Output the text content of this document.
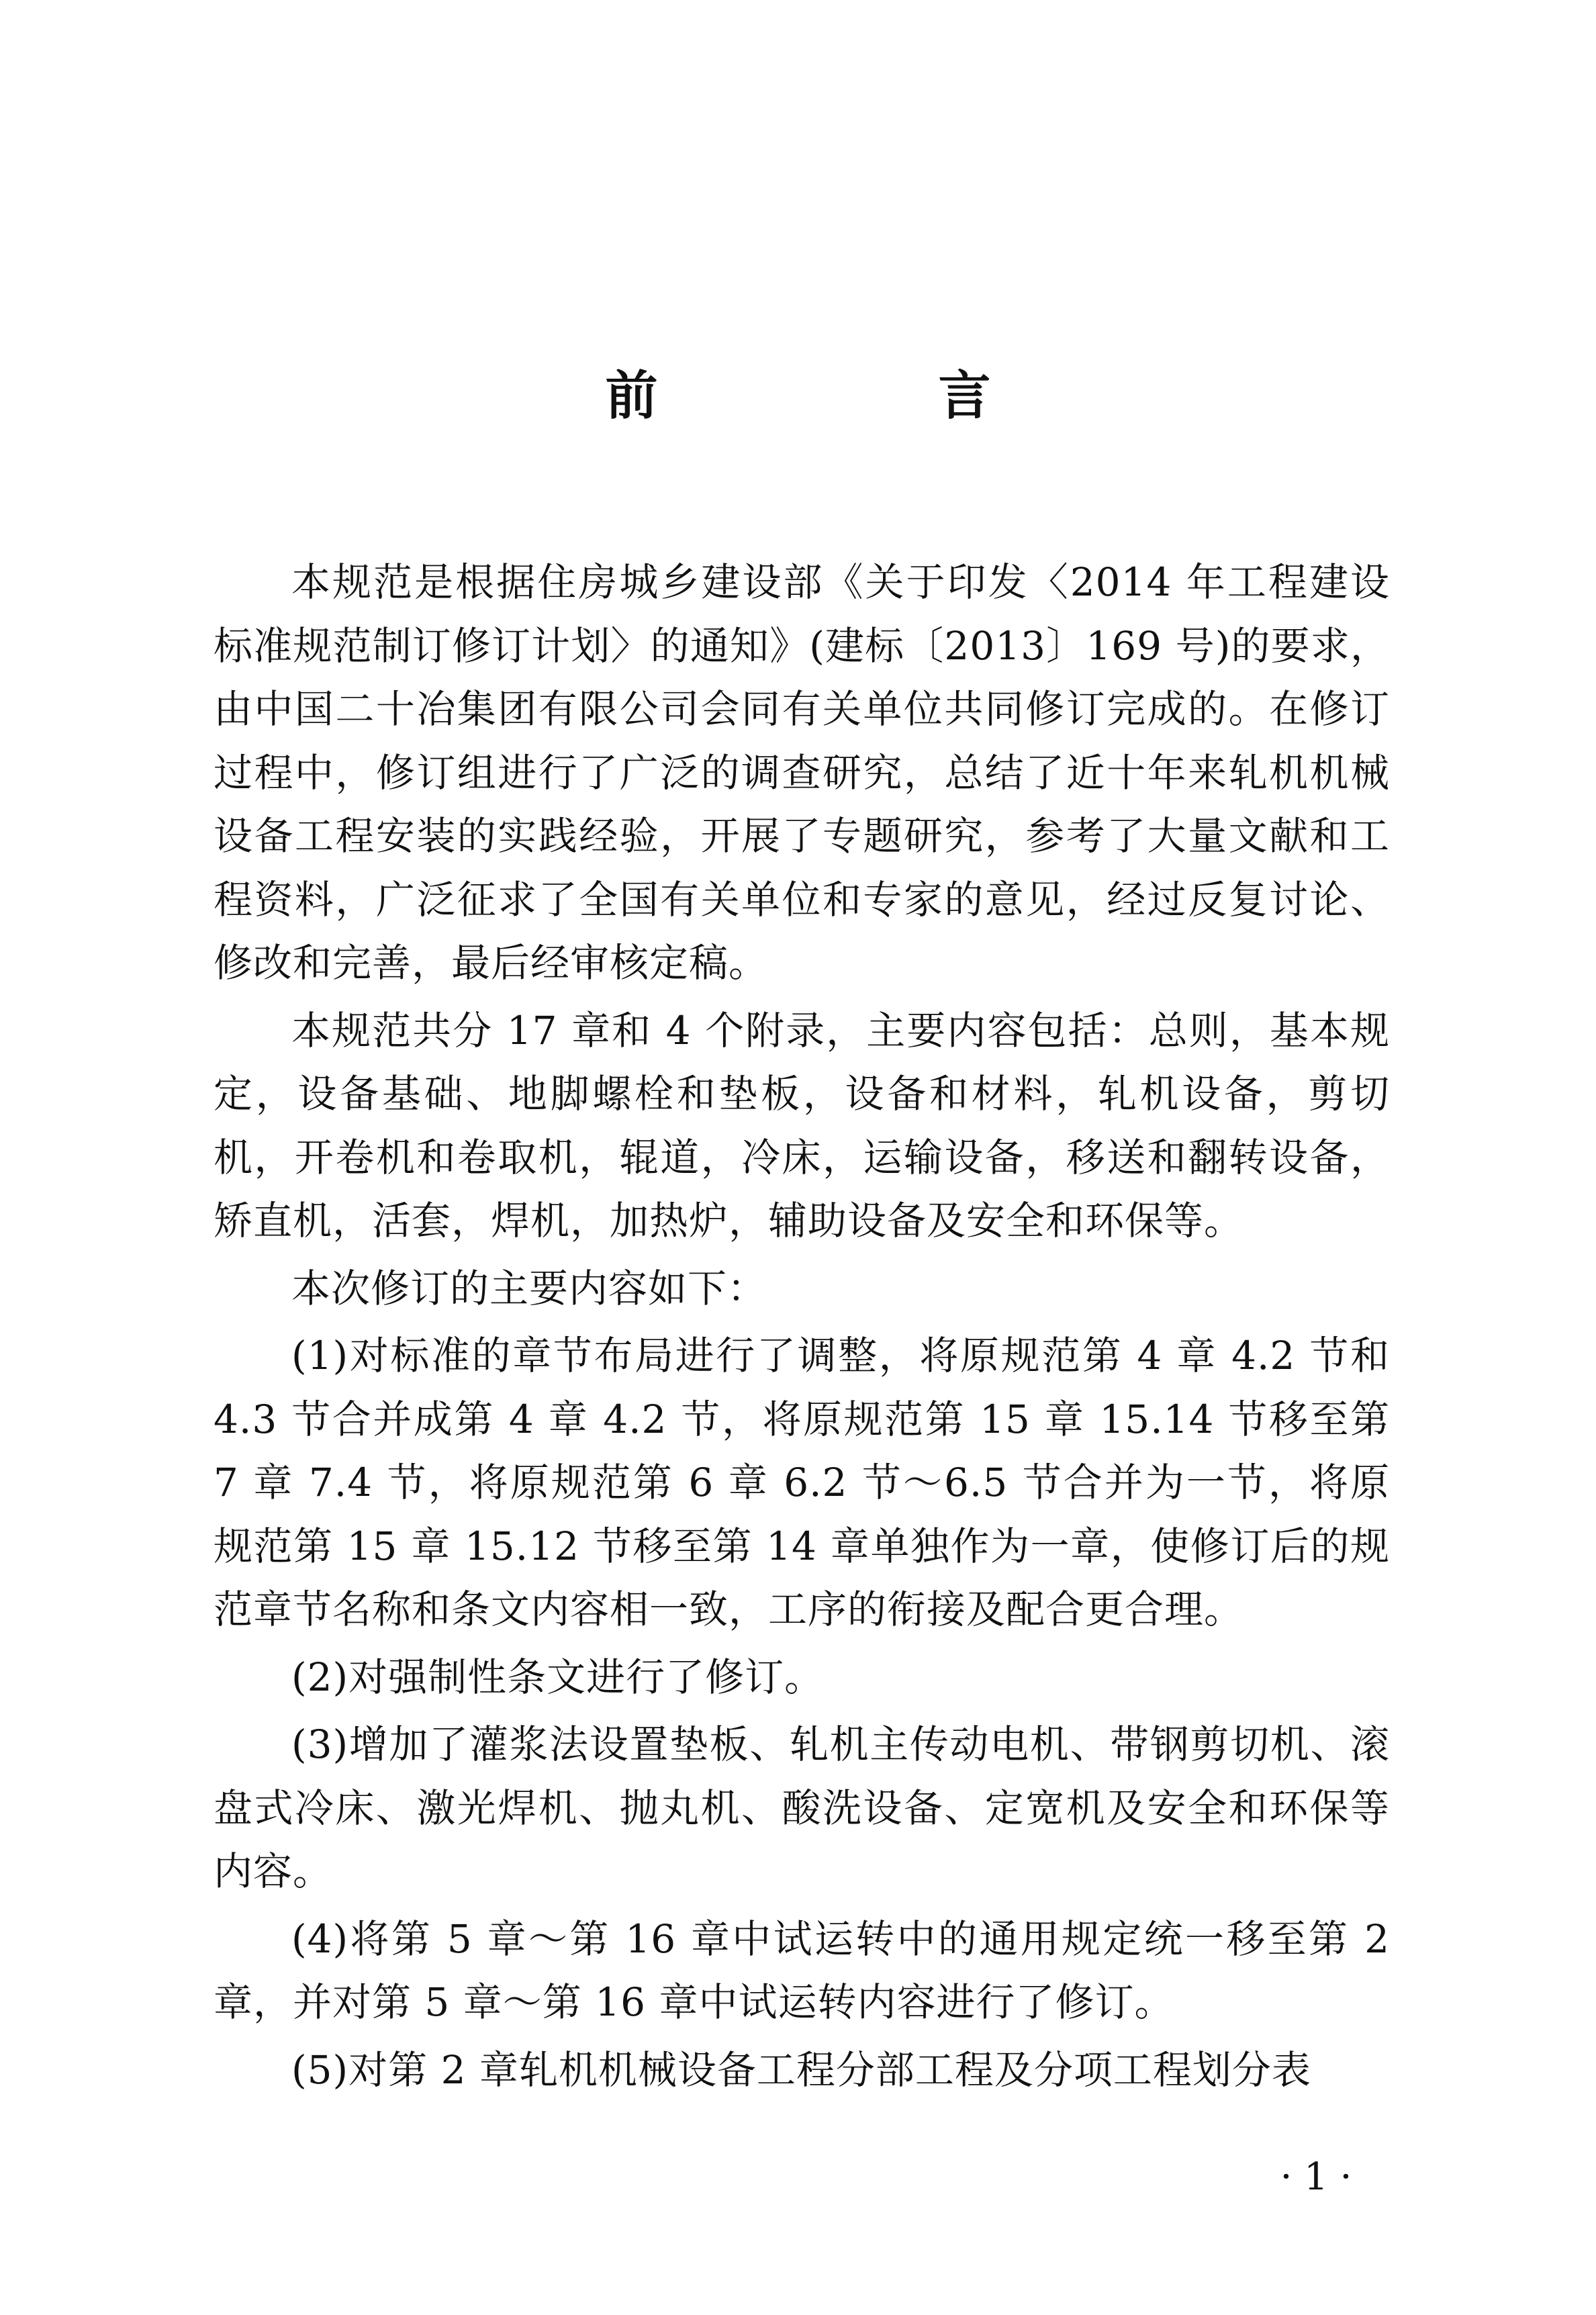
前　言

本规范是根据住房城乡建设部《关于印发〈2014 年工程建设标准规范制订修订计划〉的通知》(建标〔2013〕169 号)的要求，由中国二十冶集团有限公司会同有关单位共同修订完成的。在修订过程中，修订组进行了广泛的调查研究，总结了近十年来轧机机械设备工程安装的实践经验，开展了专题研究，参考了大量文献和工程资料，广泛征求了全国有关单位和专家的意见，经过反复讨论、修改和完善，最后经审核定稿。

本规范共分 17 章和 4 个附录，主要内容包括：总则，基本规定，设备基础、地脚螺栓和垫板，设备和材料，轧机设备，剪切机，开卷机和卷取机，辊道，冷床，运输设备，移送和翻转设备，矫直机，活套，焊机，加热炉，辅助设备及安全和环保等。

本次修订的主要内容如下：

(1)对标准的章节布局进行了调整，将原规范第 4 章 4.2 节和 4.3 节合并成第 4 章 4.2 节，将原规范第 15 章 15.14 节移至第 7 章 7.4 节，将原规范第 6 章 6.2 节～6.5 节合并为一节，将原规范第 15 章 15.12 节移至第 14 章单独作为一章，使修订后的规范章节名称和条文内容相一致，工序的衔接及配合更合理。

(2)对强制性条文进行了修订。

(3)增加了灌浆法设置垫板、轧机主传动电机、带钢剪切机、滚盘式冷床、激光焊机、抛丸机、酸洗设备、定宽机及安全和环保等内容。

(4)将第 5 章～第 16 章中试运转中的通用规定统一移至第 2 章，并对第 5 章～第 16 章中试运转内容进行了修订。

(5)对第 2 章轧机机械设备工程分部工程及分项工程划分表

· 1 ·
